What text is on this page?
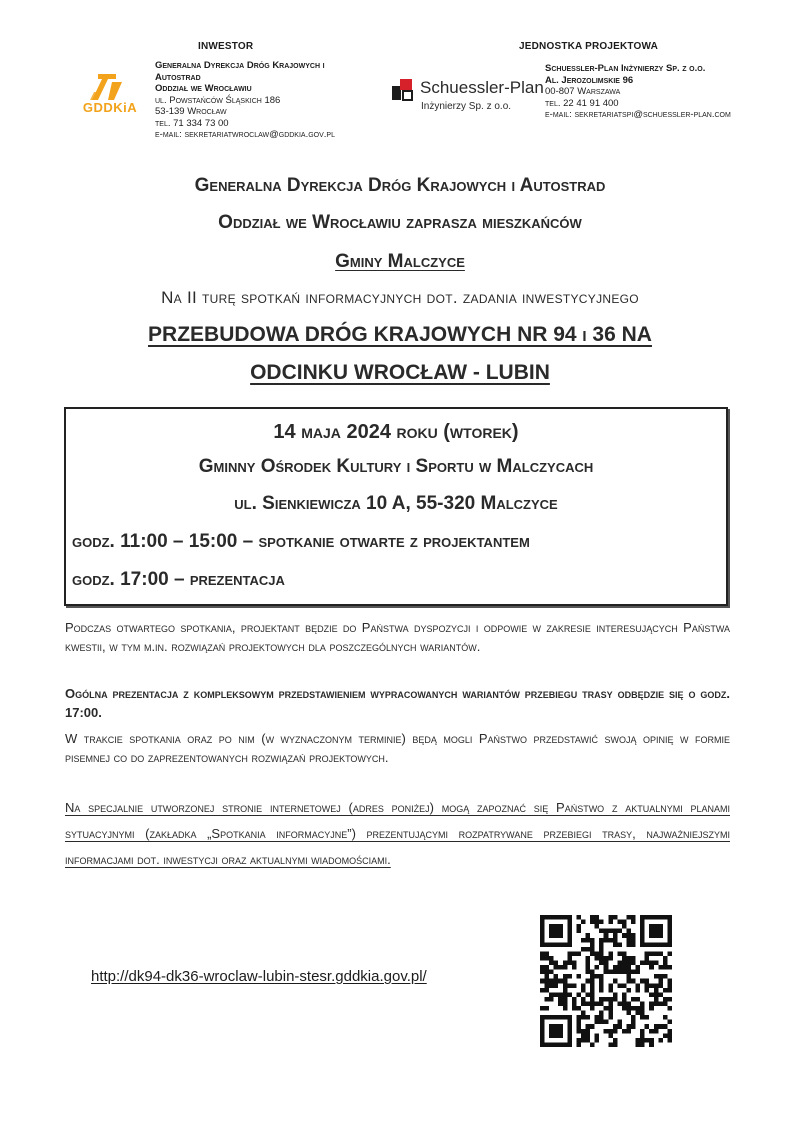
INWESTOR
GDDKiA
Generalna Dyrekcja Dróg Krajowych i
Autostrad
Oddział we Wrocławiu
ul. Powstańców Śląskich 186
53-139 Wrocław
tel. 71 334 73 00
e-mail: sekretariatwroclaw@gddkia.gov.pl
JEDNOSTKA PROJEKTOWA
Schuessler-Plan
Inżynierzy Sp. z o.o.
Schuessler-Plan Inżynierzy Sp. z o.o.
Al. Jerozolimskie 96
00-807 Warszawa
tel. 22 41 91 400
e-mail: sekretariatspi@schuessler-plan.com
Generalna Dyrekcja Dróg Krajowych i Autostrad
Oddział we Wrocławiu zaprasza mieszkańców
Gminy Malczyce
Na II turę spotkań informacyjnych dot. zadania inwestycyjnego
PRZEBUDOWA DRÓG KRAJOWYCH NR 94 i 36 NA
ODCINKU WROCŁAW - LUBIN
14 maja 2024 roku (wtorek)
Gminny Ośrodek Kultury i Sportu w Malczycach
ul. Sienkiewicza 10 A, 55-320 Malczyce
godz. 11:00 – 15:00 – spotkanie otwarte z projektantem
godz. 17:00 – prezentacja
Podczas otwartego spotkania, projektant będzie do Państwa dyspozycji i odpowie w zakresie interesujących Państwa kwestii, w tym m.in. rozwiązań projektowych dla poszczególnych wariantów.
Ogólna prezentacja z kompleksowym przedstawieniem wypracowanych wariantów przebiegu trasy odbędzie się o godz. 17:00.
W trakcie spotkania oraz po nim (w wyznaczonym terminie) będą mogli Państwo przedstawić swoją opinię w formie pisemnej co do zaprezentowanych rozwiązań projektowych.
Na specjalnie utworzonej stronie internetowej (adres poniżej) mogą zapoznać się Państwo z aktualnymi planami sytuacyjnymi (zakładka „Spotkania informacyjne”) prezentującymi rozpatrywane przebiegi trasy, najważniejszymi informacjami dot. inwestycji oraz aktualnymi wiadomościami.
http://dk94-dk36-wroclaw-lubin-stesr.gddkia.gov.pl/
